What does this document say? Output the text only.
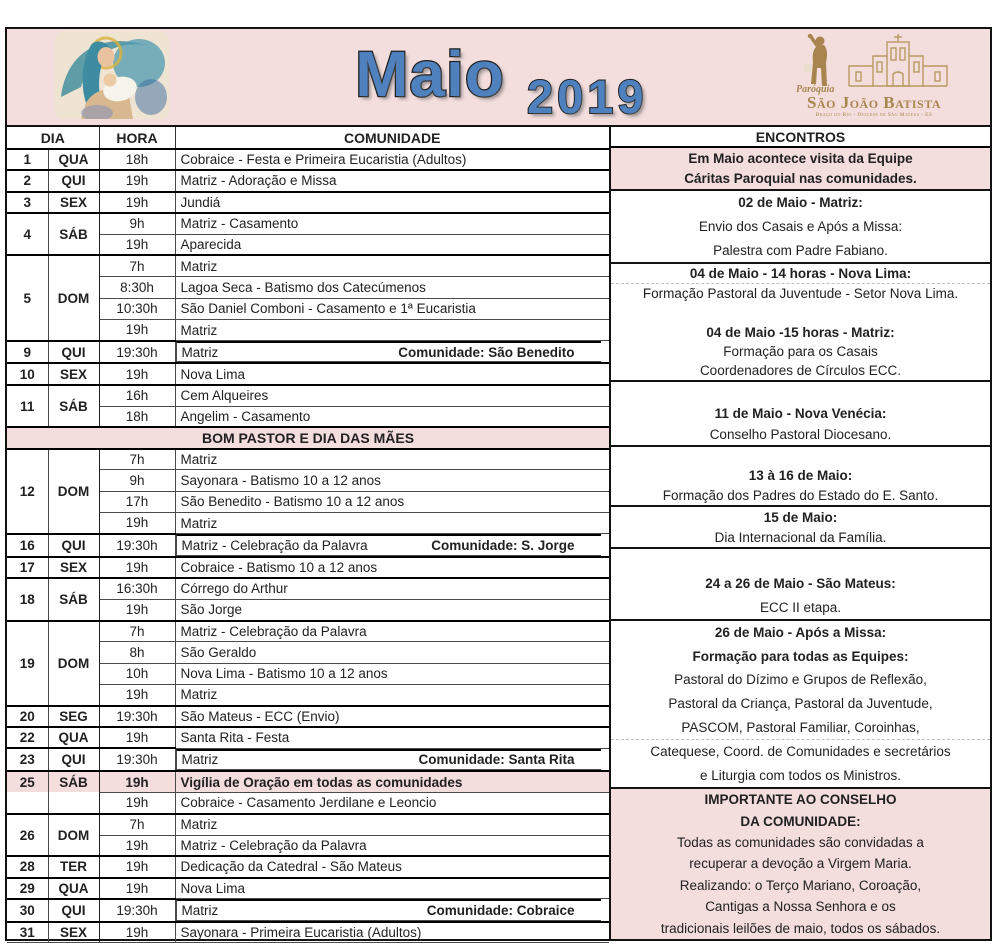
Maio 2019	Paróquia
São João Batista
Braço do Rio - Diocese de São Mateus - ES
DIA		HORA	COMUNIDADE
1	QUA	18h	Cobraice - Festa e Primeira Eucaristia (Adultos)
2	QUI	19h	Matriz - Adoração e Missa
3	SEX	19h	Jundiá
4	SÁB	9h	Matriz - Casamento
		19h	Aparecida
5	DOM	7h	Matriz
		8:30h	Lagoa Seca - Batismo dos Catecúmenos
		10:30h	São Daniel Comboni - Casamento e 1ª Eucaristia
		19h	Matriz
9	QUI	19:30h	Matriz	Comunidade: São Benedito

10	SEX	19h	Nova Lima
11	SÁB	16h	Cem Alqueires
		18h	Angelim - Casamento
BOM PASTOR E DIA DAS MÃES			
12	DOM	7h	Matriz
		9h	Sayonara - Batismo 10 a 12 anos
		17h	São Benedito - Batismo 10 a 12 anos
		19h	Matriz
16	QUI	19:30h	Matriz - Celebração da Palavra	Comunidade: S. Jorge

17	SEX	19h	Cobraice - Batismo 10 a 12 anos
18	SÁB	16:30h	Córrego do Arthur
		19h	São Jorge
19	DOM	7h	Matriz - Celebração da Palavra
		8h	São Geraldo
		10h	Nova Lima - Batismo 10 a 12 anos
		19h	Matriz
20	SEG	19:30h	São Mateus - ECC (Envio)
22	QUA	19h	Santa Rita - Festa
23	QUI	19:30h	Matriz	Comunidade: Santa Rita

25	SÁB	19h	Vigília de Oração em todas as comunidades
		19h	Cobraice - Casamento Jerdilane e Leoncio
26	DOM	7h	Matriz
		19h	Matriz - Celebração da Palavra
28	TER	19h	Dedicação da Catedral - São Mateus
29	QUA	19h	Nova Lima
30	QUI	19:30h	Matriz	Comunidade: Cobraice

31	SEX	19h	Sayonara - Primeira Eucaristia (Adultos)
ENCONTROS
Em Maio acontece visita da Equipe
Cáritas Paroquial nas comunidades.
02 de Maio - Matriz:
Envio dos Casais e Após a Missa:
Palestra com Padre Fabiano.
04 de Maio - 14 horas - Nova Lima:
Formação Pastoral da Juventude - Setor Nova Lima.
04 de Maio -15 horas - Matriz:
Formação para os Casais
Coordenadores de Círculos ECC.
11 de Maio - Nova Venécia:
Conselho Pastoral Diocesano.
13 à 16 de Maio:
Formação dos Padres do Estado do E. Santo.
15 de Maio:
Dia Internacional da Família.
24 a 26 de Maio - São Mateus:
ECC II etapa.
26 de Maio - Após a Missa:
Formação para todas as Equipes:
Pastoral do Dízimo e Grupos de Reflexão,
Pastoral da Criança, Pastoral da Juventude,
PASCOM, Pastoral Familiar, Coroinhas,
Catequese, Coord. de Comunidades e secretários
e Liturgia com todos os Ministros.
IMPORTANTE AO CONSELHO
DA COMUNIDADE:
Todas as comunidades são convidadas a
recuperar a devoção a Virgem Maria.
Realizando: o Terço Mariano, Coroação,
Cantigas a Nossa Senhora e os
tradicionais leilões de maio, todos os sábados.
